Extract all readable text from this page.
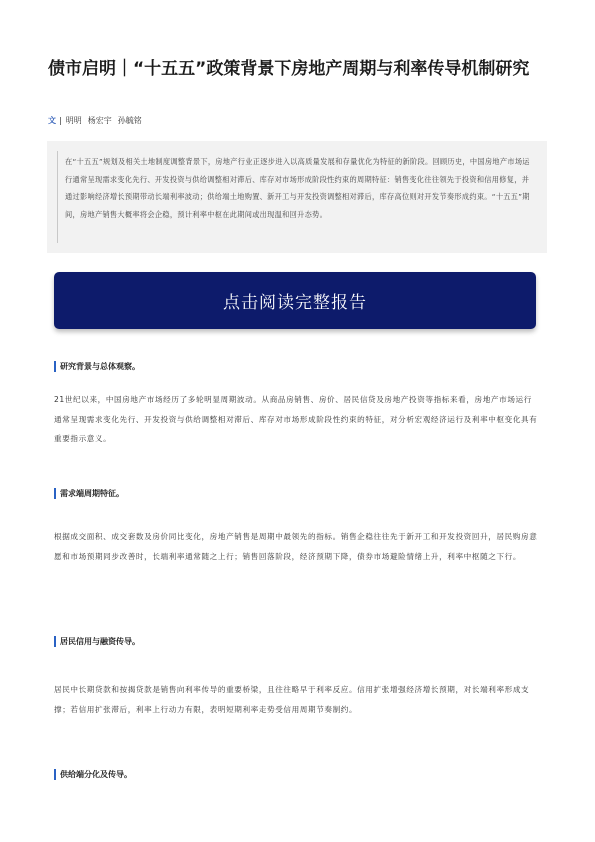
债市启明｜“十五五”政策背景下房地产周期与利率传导机制研究
文 | 明明 杨宏宇 孙毓铭
在“十五五”规划及相关土地制度调整背景下，房地产行业正逐步进入以高质量发展和存量优化为特征的新阶段。回顾历史，中国房地产市场运行通常呈现需求变化先行、开发投资与供给调整相对滞后、库存对市场形成阶段性约束的周期特征：销售变化往往领先于投资和信用修复，并通过影响经济增长预期带动长端利率波动；供给端土地购置、新开工与开发投资调整相对滞后，库存高位则对开发节奏形成约束。“十五五”期间，房地产销售大概率将会企稳，预计利率中枢在此期间或出现温和回升态势。
点击阅读完整报告
研究背景与总体观察。
21世纪以来，中国房地产市场经历了多轮明显周期波动。从商品房销售、房价、居民信贷及房地产投资等指标来看，房地产市场运行通常呈现需求变化先行、开发投资与供给调整相对滞后、库存对市场形成阶段性约束的特征，对分析宏观经济运行及利率中枢变化具有重要指示意义。
需求端周期特征。
根据成交面积、成交套数及房价同比变化，房地产销售是周期中最领先的指标。销售企稳往往先于新开工和开发投资回升，居民购房意愿和市场预期同步改善时，长端利率通常随之上行；销售回落阶段，经济预期下降，债券市场避险情绪上升，利率中枢随之下行。
居民信用与融资传导。
居民中长期贷款和按揭贷款是销售向利率传导的重要桥梁，且往往略早于利率反应。信用扩张增强经济增长预期，对长端利率形成支撑；若信用扩张滞后，利率上行动力有限，表明短期利率走势受信用周期节奏制约。
供给端分化及传导。
